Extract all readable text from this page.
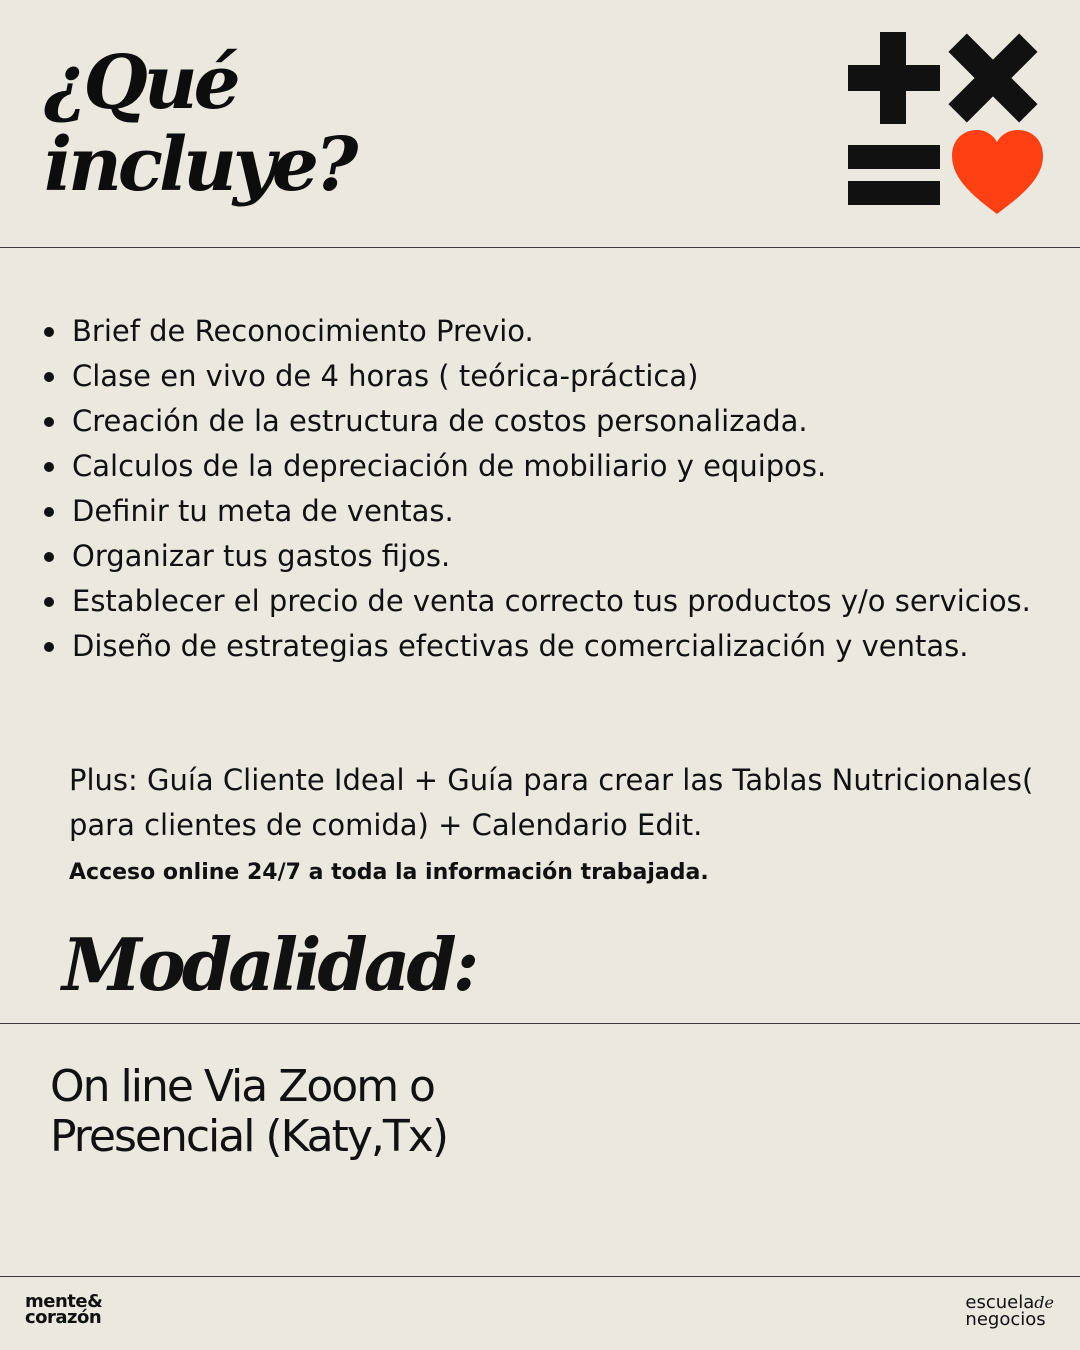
¿Qué
incluye?
Brief de Reconocimiento Previo.
Clase en vivo de 4 horas ( teórica-práctica)
Creación de la estructura de costos personalizada.
Calculos de la depreciación de mobiliario y equipos.
Definir tu meta de ventas.
Organizar tus gastos fijos.
Establecer el precio de venta correcto tus productos y/o servicios.
Diseño de estrategias efectivas de comercialización y ventas.

Plus: Guía Cliente Ideal + Guía para crear las Tablas Nutricionales( para clientes de comida) + Calendario Edit.

Acceso online 24/7 a toda la información trabajada.

Modalidad:

On line Via Zoom o
Presencial (Katy,Tx)

mente&
corazón
escuelade
negocios
